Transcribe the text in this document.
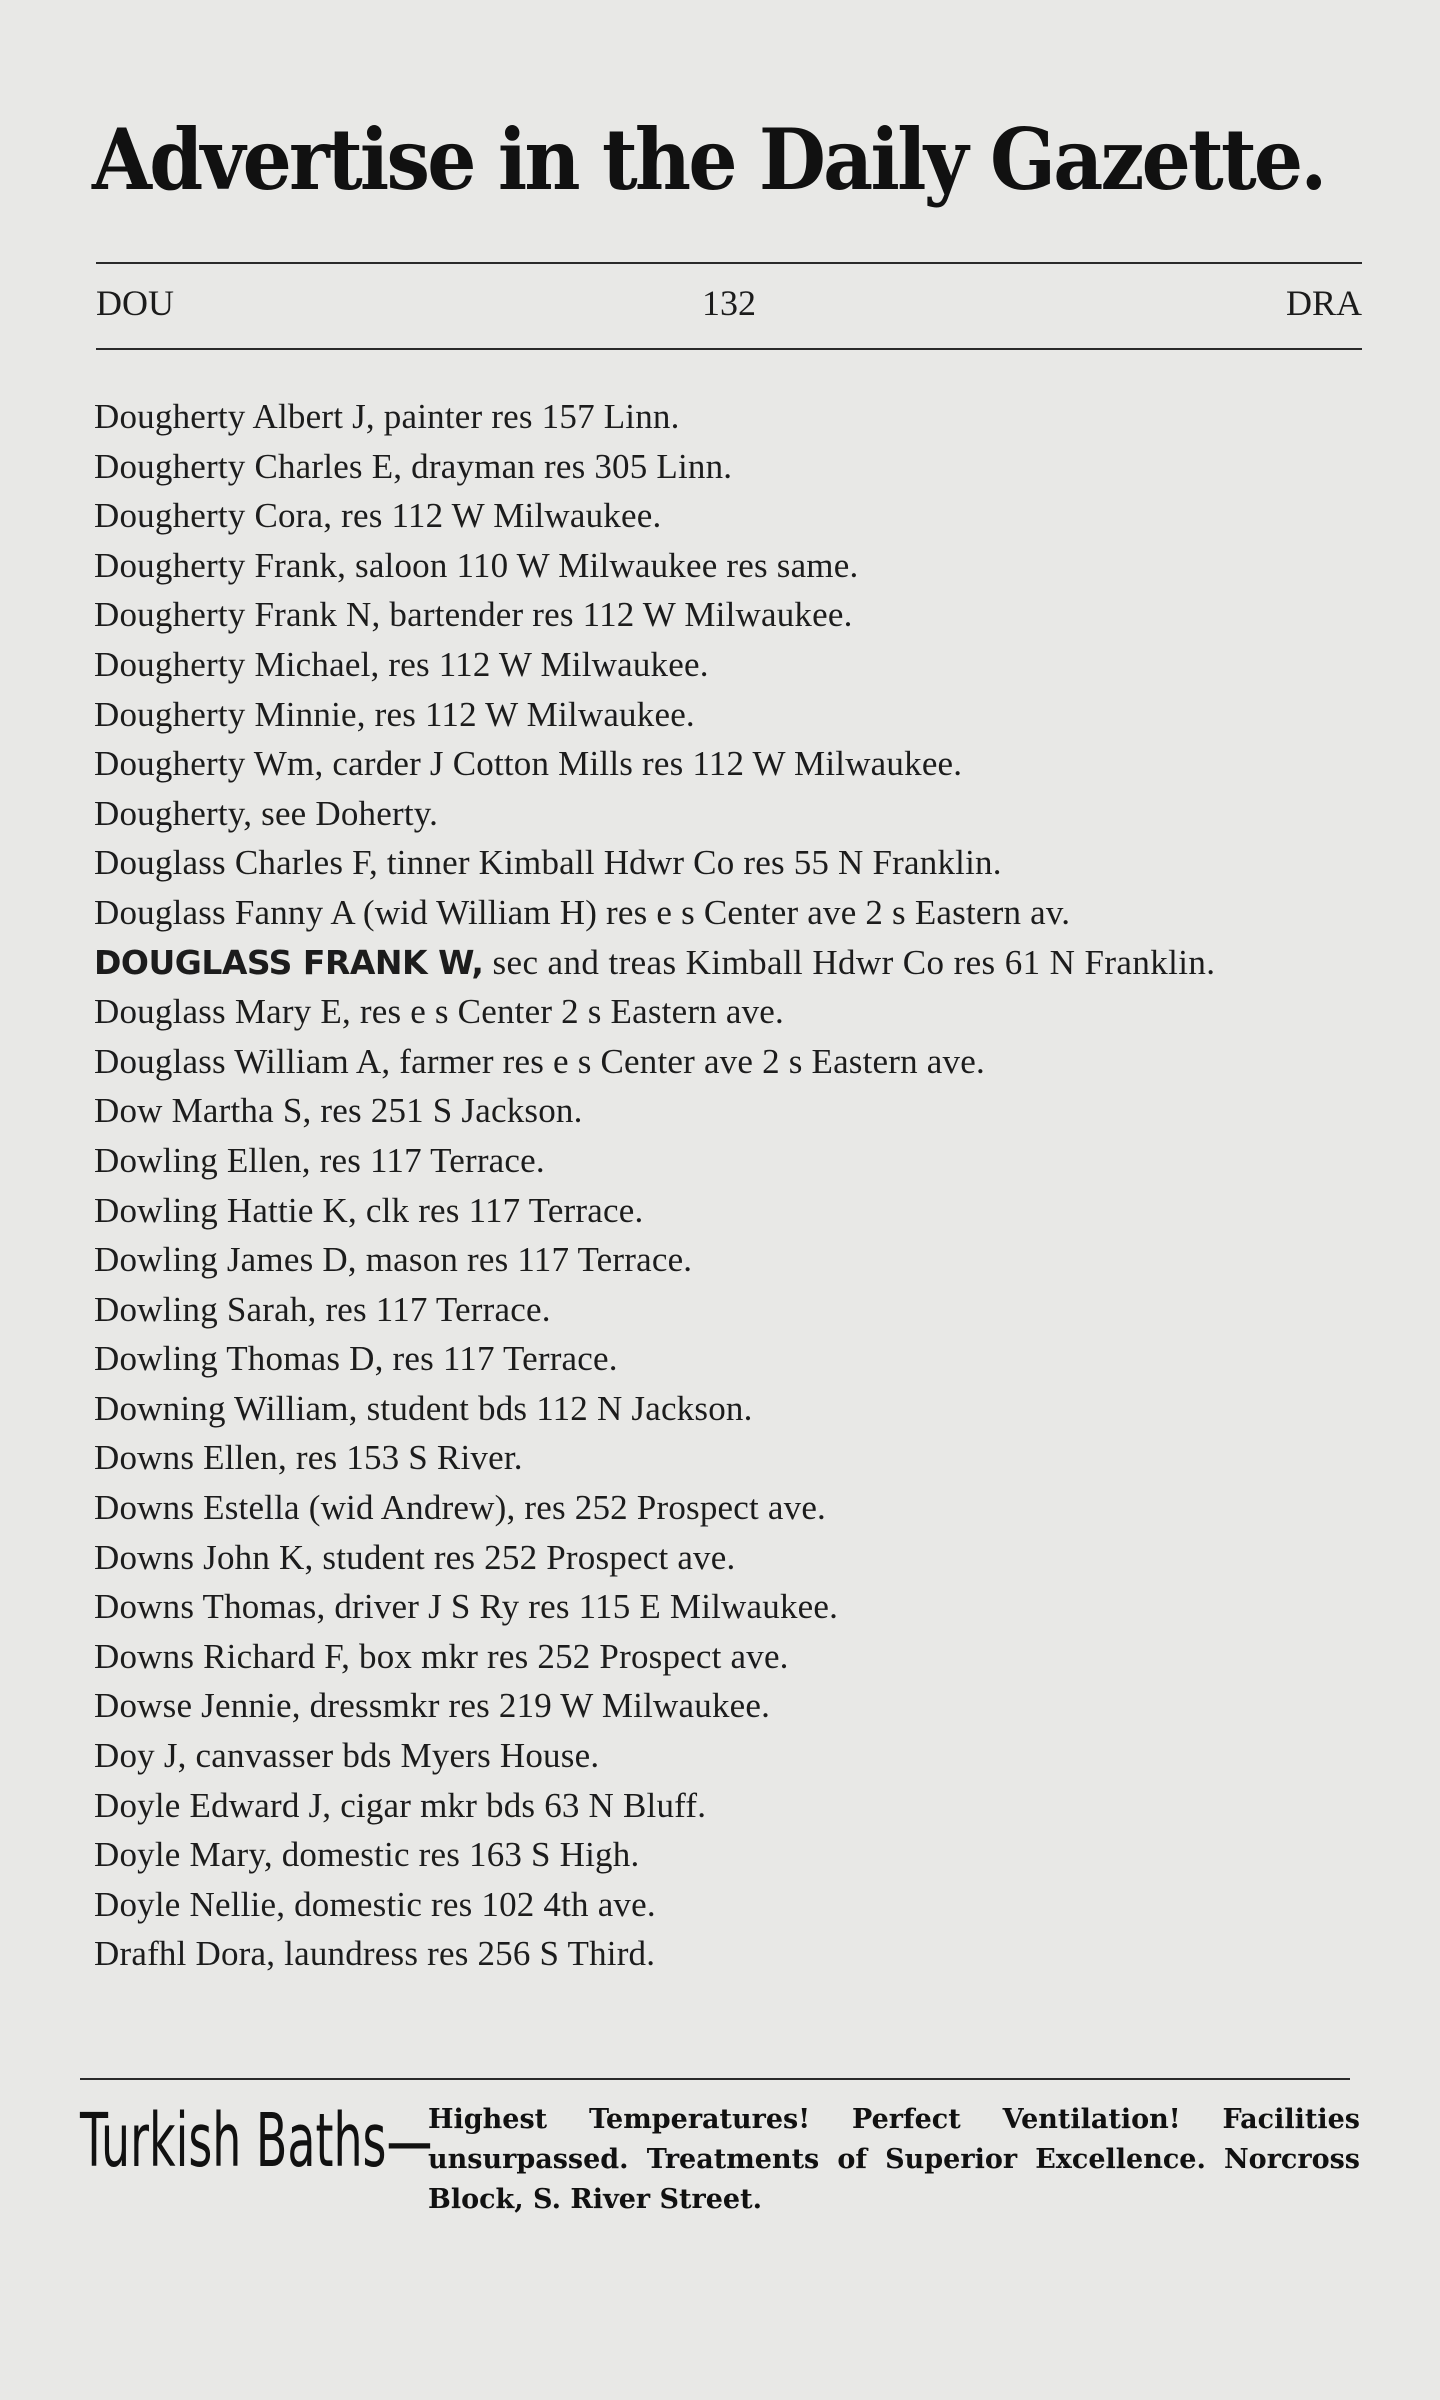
Advertise in the Daily Gazette.
DOU	132	DRA
Dougherty Albert J, painter res 157 Linn.
Dougherty Charles E, drayman res 305 Linn.
Dougherty Cora, res 112 W Milwaukee.
Dougherty Frank, saloon 110 W Milwaukee res same.
Dougherty Frank N, bartender res 112 W Milwaukee.
Dougherty Michael, res 112 W Milwaukee.
Dougherty Minnie, res 112 W Milwaukee.
Dougherty Wm, carder J Cotton Mills res 112 W Milwaukee.
Dougherty, see Doherty.
Douglass Charles F, tinner Kimball Hdwr Co res 55 N Franklin.
Douglass Fanny A (wid William H) res e s Center ave 2 s Eastern av.
DOUGLASS FRANK W, sec and treas Kimball Hdwr Co res 61 N Franklin.
Douglass Mary E, res e s Center 2 s Eastern ave.
Douglass William A, farmer res e s Center ave 2 s Eastern ave.
Dow Martha S, res 251 S Jackson.
Dowling Ellen, res 117 Terrace.
Dowling Hattie K, clk res 117 Terrace.
Dowling James D, mason res 117 Terrace.
Dowling Sarah, res 117 Terrace.
Dowling Thomas D, res 117 Terrace.
Downing William, student bds 112 N Jackson.
Downs Ellen, res 153 S River.
Downs Estella (wid Andrew), res 252 Prospect ave.
Downs John K, student res 252 Prospect ave.
Downs Thomas, driver J S Ry res 115 E Milwaukee.
Downs Richard F, box mkr res 252 Prospect ave.
Dowse Jennie, dressmkr res 219 W Milwaukee.
Doy J, canvasser bds Myers House.
Doyle Edward J, cigar mkr bds 63 N Bluff.
Doyle Mary, domestic res 163 S High.
Doyle Nellie, domestic res 102 4th ave.
Drafhl Dora, laundress res 256 S Third.
Turkish Baths—
Highest Temperatures! Perfect Ventilation! Facilities unsurpassed. Treatments of Superior Excellence. Norcross Block, S. River Street.
